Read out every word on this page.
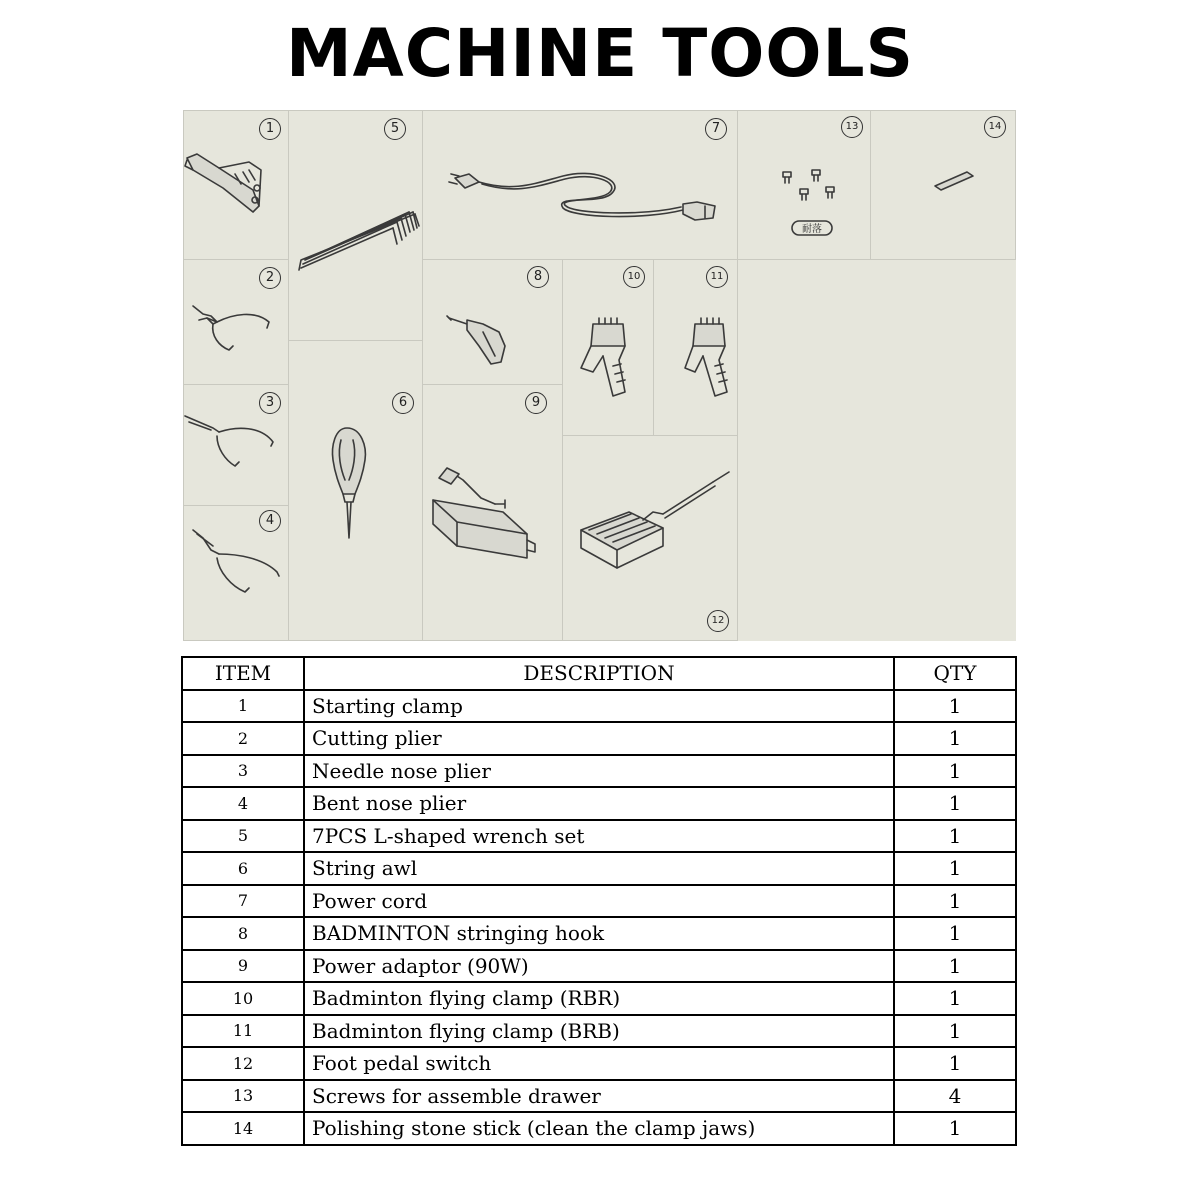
MACHINE TOOLS
耐落
1
2
3
4
5
6
7
8
9
10	11
12
13	14
ITEM	DESCRIPTION	QTY
1	Starting clamp	1
2	Cutting plier	1
3	Needle nose plier	1
4	Bent nose plier	1
5	7PCS L-shaped wrench set	1
6	String awl	1
7	Power cord	1
8	BADMINTON stringing hook	1
9	Power adaptor (90W)	1
10	Badminton flying clamp (RBR)	1
11	Badminton flying clamp (BRB)	1
12	Foot pedal switch	1
13	Screws for assemble drawer	4
14	Polishing stone stick (clean the clamp jaws)	1
